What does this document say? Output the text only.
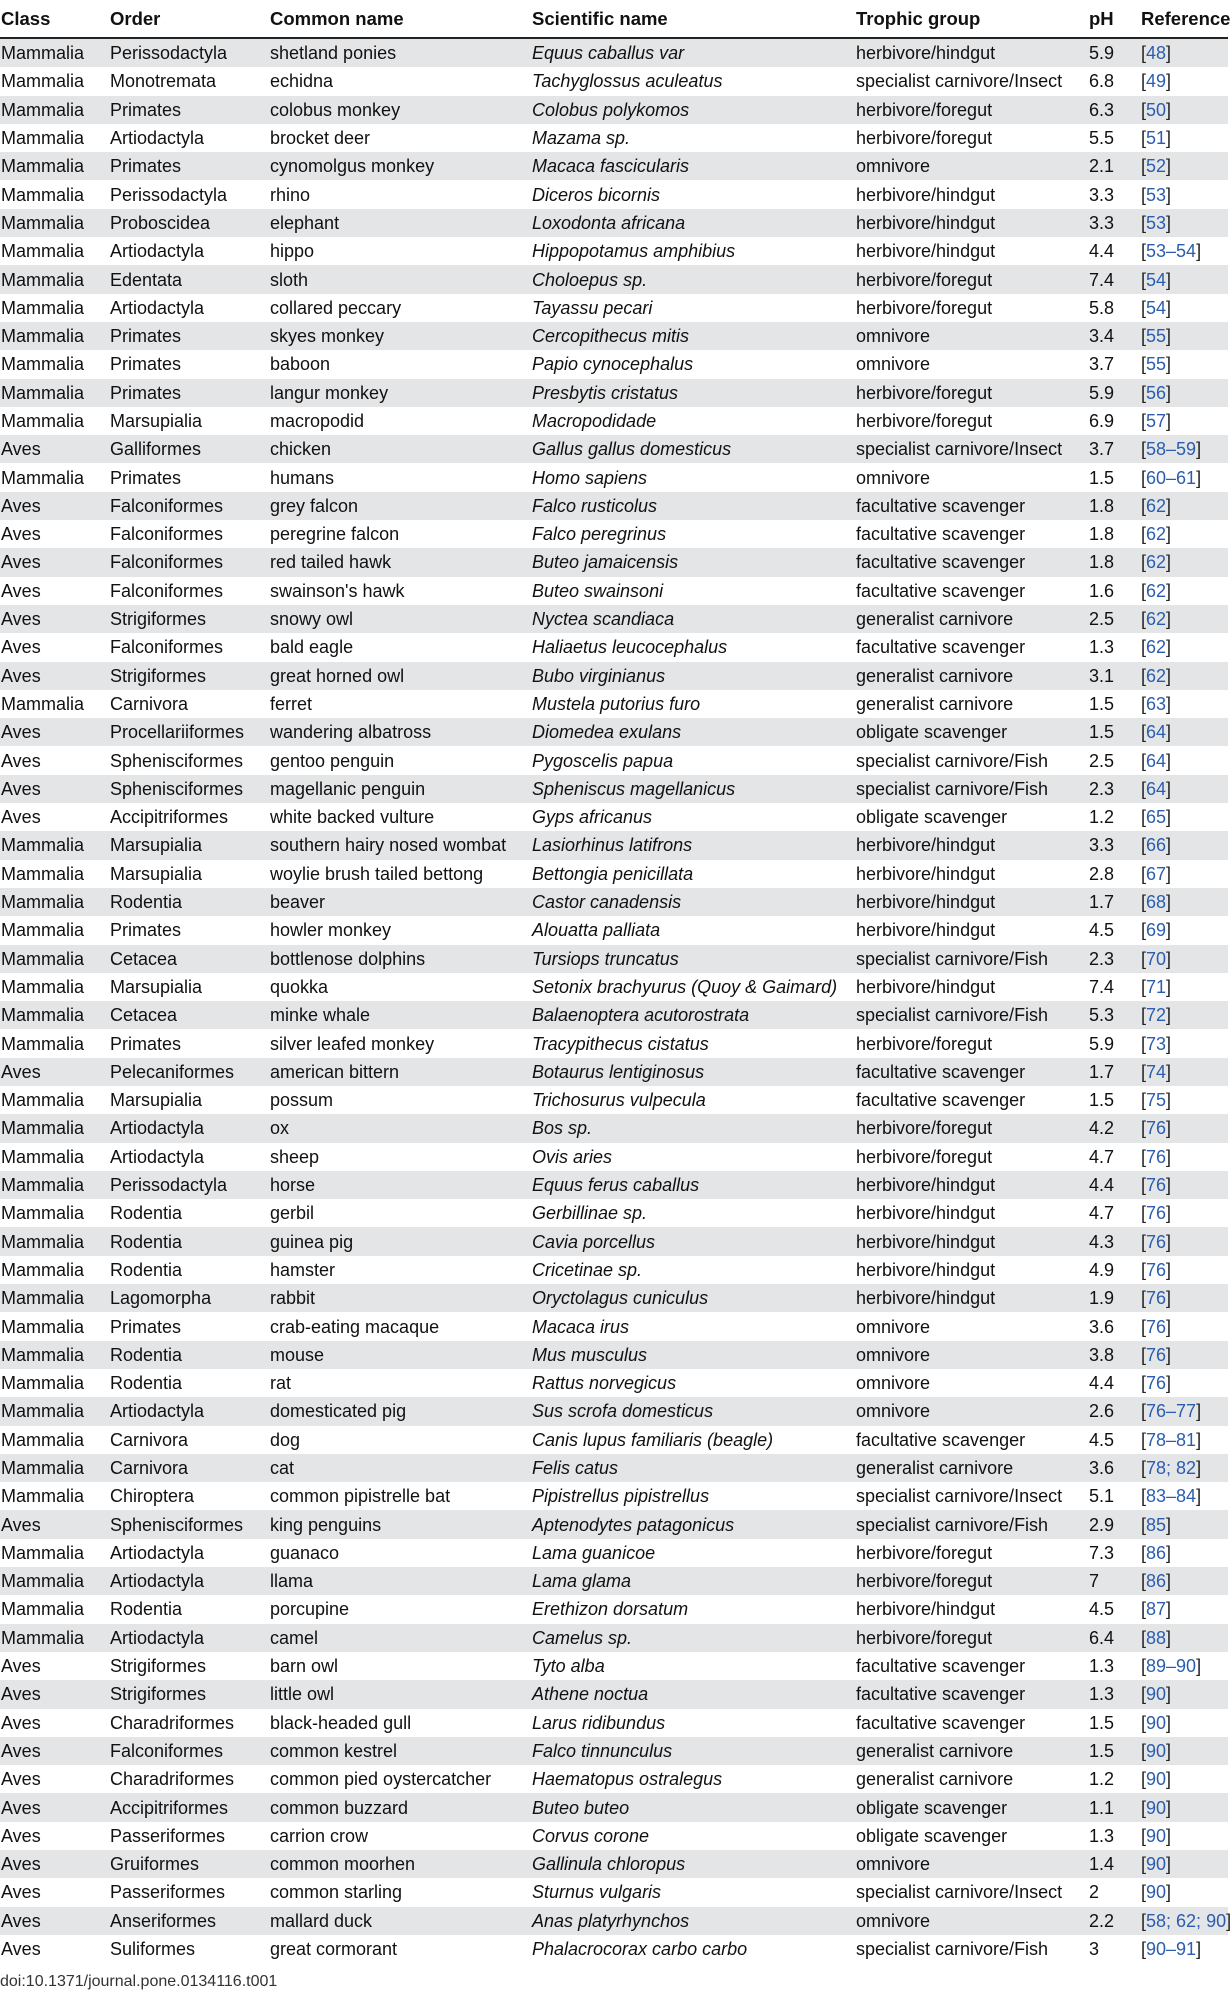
Class	Order	Common name	Scientific name	Trophic group	pH	Reference
Mammalia	Perissodactyla	shetland ponies	Equus caballus var	herbivore/hindgut	5.9	[48]
Mammalia	Monotremata	echidna	Tachyglossus aculeatus	specialist carnivore/Insect	6.8	[49]
Mammalia	Primates	colobus monkey	Colobus polykomos	herbivore/foregut	6.3	[50]
Mammalia	Artiodactyla	brocket deer	Mazama sp.	herbivore/foregut	5.5	[51]
Mammalia	Primates	cynomolgus monkey	Macaca fascicularis	omnivore	2.1	[52]
Mammalia	Perissodactyla	rhino	Diceros bicornis	herbivore/hindgut	3.3	[53]
Mammalia	Proboscidea	elephant	Loxodonta africana	herbivore/hindgut	3.3	[53]
Mammalia	Artiodactyla	hippo	Hippopotamus amphibius	herbivore/hindgut	4.4	[53–54]
Mammalia	Edentata	sloth	Choloepus sp.	herbivore/foregut	7.4	[54]
Mammalia	Artiodactyla	collared peccary	Tayassu pecari	herbivore/foregut	5.8	[54]
Mammalia	Primates	skyes monkey	Cercopithecus mitis	omnivore	3.4	[55]
Mammalia	Primates	baboon	Papio cynocephalus	omnivore	3.7	[55]
Mammalia	Primates	langur monkey	Presbytis cristatus	herbivore/foregut	5.9	[56]
Mammalia	Marsupialia	macropodid	Macropodidade	herbivore/foregut	6.9	[57]
Aves	Galliformes	chicken	Gallus gallus domesticus	specialist carnivore/Insect	3.7	[58–59]
Mammalia	Primates	humans	Homo sapiens	omnivore	1.5	[60–61]
Aves	Falconiformes	grey falcon	Falco rusticolus	facultative scavenger	1.8	[62]
Aves	Falconiformes	peregrine falcon	Falco peregrinus	facultative scavenger	1.8	[62]
Aves	Falconiformes	red tailed hawk	Buteo jamaicensis	facultative scavenger	1.8	[62]
Aves	Falconiformes	swainson's hawk	Buteo swainsoni	facultative scavenger	1.6	[62]
Aves	Strigiformes	snowy owl	Nyctea scandiaca	generalist carnivore	2.5	[62]
Aves	Falconiformes	bald eagle	Haliaetus leucocephalus	facultative scavenger	1.3	[62]
Aves	Strigiformes	great horned owl	Bubo virginianus	generalist carnivore	3.1	[62]
Mammalia	Carnivora	ferret	Mustela putorius furo	generalist carnivore	1.5	[63]
Aves	Procellariiformes	wandering albatross	Diomedea exulans	obligate scavenger	1.5	[64]
Aves	Sphenisciformes	gentoo penguin	Pygoscelis papua	specialist carnivore/Fish	2.5	[64]
Aves	Sphenisciformes	magellanic penguin	Spheniscus magellanicus	specialist carnivore/Fish	2.3	[64]
Aves	Accipitriformes	white backed vulture	Gyps africanus	obligate scavenger	1.2	[65]
Mammalia	Marsupialia	southern hairy nosed wombat	Lasiorhinus latifrons	herbivore/hindgut	3.3	[66]
Mammalia	Marsupialia	woylie brush tailed bettong	Bettongia penicillata	herbivore/hindgut	2.8	[67]
Mammalia	Rodentia	beaver	Castor canadensis	herbivore/hindgut	1.7	[68]
Mammalia	Primates	howler monkey	Alouatta palliata	herbivore/hindgut	4.5	[69]
Mammalia	Cetacea	bottlenose dolphins	Tursiops truncatus	specialist carnivore/Fish	2.3	[70]
Mammalia	Marsupialia	quokka	Setonix brachyurus (Quoy & Gaimard)	herbivore/hindgut	7.4	[71]
Mammalia	Cetacea	minke whale	Balaenoptera acutorostrata	specialist carnivore/Fish	5.3	[72]
Mammalia	Primates	silver leafed monkey	Tracypithecus cistatus	herbivore/foregut	5.9	[73]
Aves	Pelecaniformes	american bittern	Botaurus lentiginosus	facultative scavenger	1.7	[74]
Mammalia	Marsupialia	possum	Trichosurus vulpecula	facultative scavenger	1.5	[75]
Mammalia	Artiodactyla	ox	Bos sp.	herbivore/foregut	4.2	[76]
Mammalia	Artiodactyla	sheep	Ovis aries	herbivore/foregut	4.7	[76]
Mammalia	Perissodactyla	horse	Equus ferus caballus	herbivore/hindgut	4.4	[76]
Mammalia	Rodentia	gerbil	Gerbillinae sp.	herbivore/hindgut	4.7	[76]
Mammalia	Rodentia	guinea pig	Cavia porcellus	herbivore/hindgut	4.3	[76]
Mammalia	Rodentia	hamster	Cricetinae sp.	herbivore/hindgut	4.9	[76]
Mammalia	Lagomorpha	rabbit	Oryctolagus cuniculus	herbivore/hindgut	1.9	[76]
Mammalia	Primates	crab-eating macaque	Macaca irus	omnivore	3.6	[76]
Mammalia	Rodentia	mouse	Mus musculus	omnivore	3.8	[76]
Mammalia	Rodentia	rat	Rattus norvegicus	omnivore	4.4	[76]
Mammalia	Artiodactyla	domesticated pig	Sus scrofa domesticus	omnivore	2.6	[76–77]
Mammalia	Carnivora	dog	Canis lupus familiaris (beagle)	facultative scavenger	4.5	[78–81]
Mammalia	Carnivora	cat	Felis catus	generalist carnivore	3.6	[78; 82]
Mammalia	Chiroptera	common pipistrelle bat	Pipistrellus pipistrellus	specialist carnivore/Insect	5.1	[83–84]
Aves	Sphenisciformes	king penguins	Aptenodytes patagonicus	specialist carnivore/Fish	2.9	[85]
Mammalia	Artiodactyla	guanaco	Lama guanicoe	herbivore/foregut	7.3	[86]
Mammalia	Artiodactyla	llama	Lama glama	herbivore/foregut	7	[86]
Mammalia	Rodentia	porcupine	Erethizon dorsatum	herbivore/hindgut	4.5	[87]
Mammalia	Artiodactyla	camel	Camelus sp.	herbivore/foregut	6.4	[88]
Aves	Strigiformes	barn owl	Tyto alba	facultative scavenger	1.3	[89–90]
Aves	Strigiformes	little owl	Athene noctua	facultative scavenger	1.3	[90]
Aves	Charadriformes	black-headed gull	Larus ridibundus	facultative scavenger	1.5	[90]
Aves	Falconiformes	common kestrel	Falco tinnunculus	generalist carnivore	1.5	[90]
Aves	Charadriformes	common pied oystercatcher	Haematopus ostralegus	generalist carnivore	1.2	[90]
Aves	Accipitriformes	common buzzard	Buteo buteo	obligate scavenger	1.1	[90]
Aves	Passeriformes	carrion crow	Corvus corone	obligate scavenger	1.3	[90]
Aves	Gruiformes	common moorhen	Gallinula chloropus	omnivore	1.4	[90]
Aves	Passeriformes	common starling	Sturnus vulgaris	specialist carnivore/Insect	2	[90]
Aves	Anseriformes	mallard duck	Anas platyrhynchos	omnivore	2.2	[58; 62; 90]
Aves	Suliformes	great cormorant	Phalacrocorax carbo carbo	specialist carnivore/Fish	3	[90–91]
doi:10.1371/journal.pone.0134116.t001
